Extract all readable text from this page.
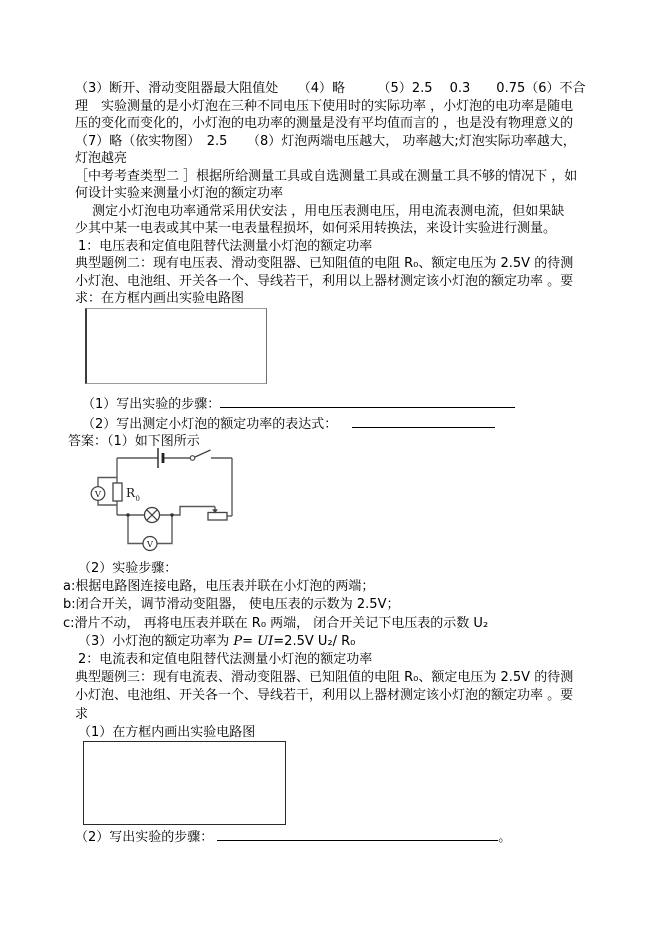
（3）断开、滑动变阻器最大阻值处　　（4）略　　　（5）2.5　 0.3　　0.75（6）不合
理　实验测量的是小灯泡在三种不同电压下使用时的实际功率 ，小灯泡的电功率是随电
压的变化而变化的，小灯泡的电功率的测量是没有平均值而言的 ，也是没有物理意义的
（7）略（依实物图）　2.5　　（8）灯泡两端电压越大， 功率越大;灯泡实际功率越大，
灯泡越亮
［中考考查类型二 ］根据所给测量工具或自选测量工具或在测量工具不够的情况下 ，如
何设计实验来测量小灯泡的额定功率
　 测定小灯泡电功率通常采用伏安法 ，用电压表测电压，用电流表测电流，但如果缺
少其中某一电表或其中某一电表量程损坏，如何采用转换法，来设计实验进行测量。
1：电压表和定值电阻替代法测量小灯泡的额定功率
典型题例二：现有电压表、滑动变阻器、已知阻值的电阻 R₀、额定电压为 2.5V 的待测
小灯泡、电池组、开关各一个、导线若干，利用以上器材测定该小灯泡的额定功率 。要
求：在方框内画出实验电路图
（1）写出实验的步骤：
（2）写出测定小灯泡的额定功率的表达式：
答案：（1）如下图所示
R 0
V
V
（2）实验步骤：
a:根据电路图连接电路，电压表并联在小灯泡的两端；
b:闭合开关，调节滑动变阻器， 使电压表的示数为 2.5V；
c:滑片不动， 再将电压表并联在 R₀ 两端， 闭合开关记下电压表的示数 U₂
（3）小灯泡的额定功率为 P= UI=2.5V U₂/ R₀
2：电流表和定值电阻替代法测量小灯泡的额定功率
典型题例三：现有电流表、滑动变阻器、已知阻值的电阻 R₀、额定电压为 2.5V 的待测
小灯泡、电池组、开关各一个、导线若干，利用以上器材测定该小灯泡的额定功率 。要
求
（1）在方框内画出实验电路图
（2）写出实验的步骤：	。
